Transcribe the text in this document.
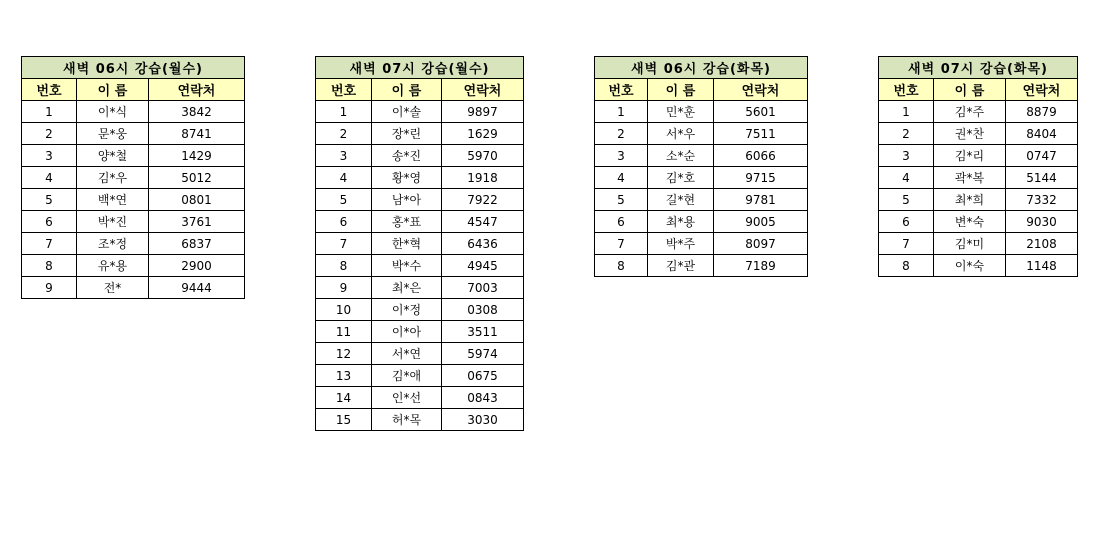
새벽 06시 강습(월수)		
번호	이 름	연락처
1	이*식	3842
2	문*웅	8741
3	양*철	1429
4	김*우	5012
5	백*연	0801
6	박*진	3761
7	조*정	6837
8	유*용	2900
9	전*	9444
새벽 07시 강습(월수)		
번호	이 름	연락처
1	이*솔	9897
2	장*린	1629
3	송*진	5970
4	황*영	1918
5	남*아	7922
6	홍*표	4547
7	한*혁	6436
8	박*수	4945
9	최*은	7003
10	이*정	0308
11	이*아	3511
12	서*연	5974
13	김*애	0675
14	인*선	0843
15	허*목	3030
새벽 06시 강습(화목)		
번호	이 름	연락처
1	민*훈	5601
2	서*우	7511
3	소*순	6066
4	김*호	9715
5	길*현	9781
6	최*용	9005
7	박*주	8097
8	김*관	7189
새벽 07시 강습(화목)		
번호	이 름	연락처
1	김*주	8879
2	권*찬	8404
3	김*리	0747
4	곽*복	5144
5	최*희	7332
6	변*숙	9030
7	김*미	2108
8	이*숙	1148
